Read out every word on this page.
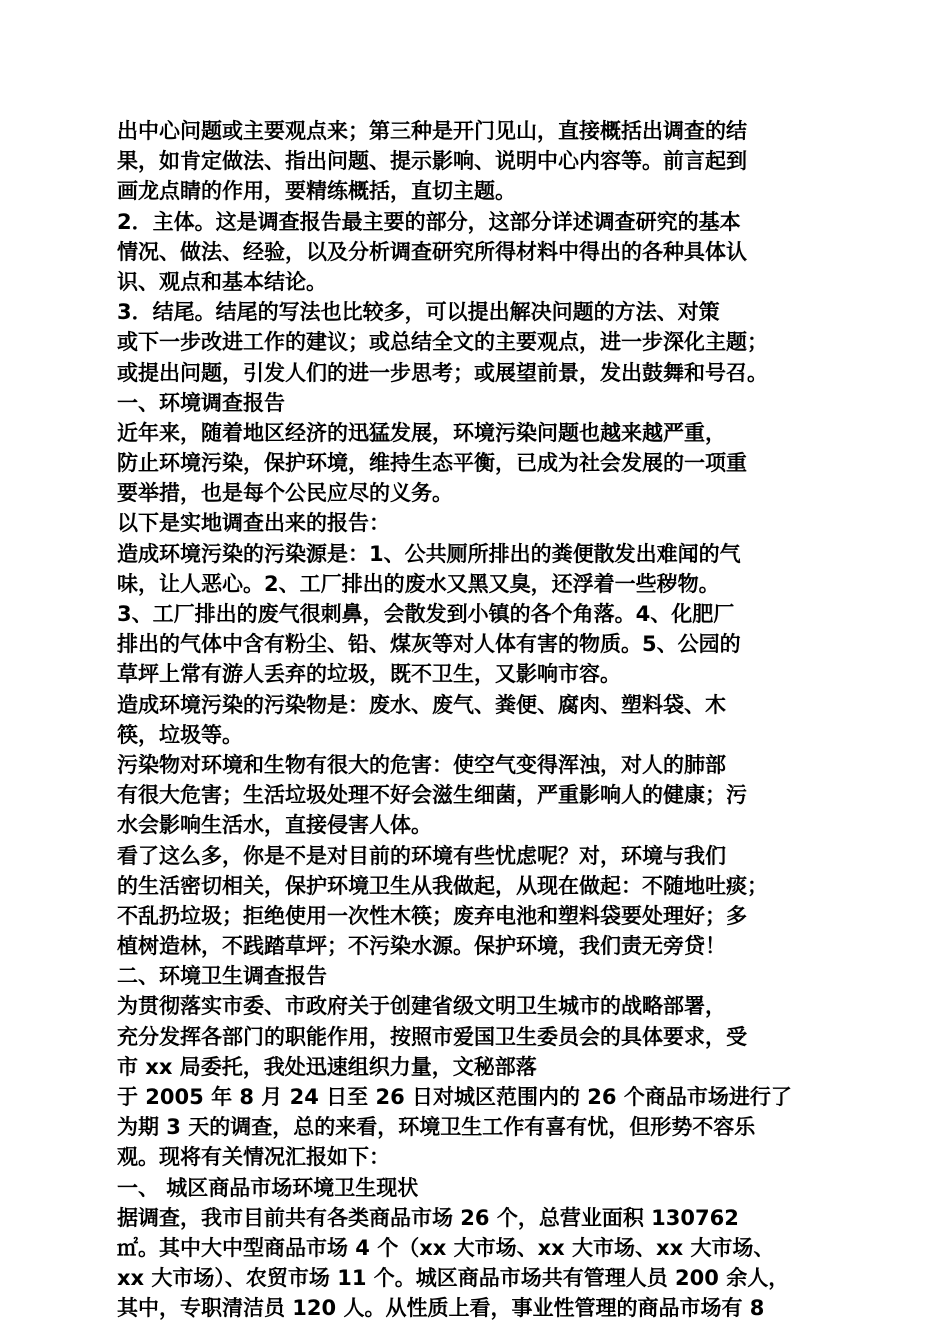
出中心问题或主要观点来；第三种是开门见山，直接概括出调查的结
果，如肯定做法、指出问题、提示影响、说明中心内容等。前言起到
画龙点睛的作用，要精练概括，直切主题。
2．主体。这是调查报告最主要的部分，这部分详述调查研究的基本
情况、做法、经验，以及分析调查研究所得材料中得出的各种具体认
识、观点和基本结论。
3．结尾。结尾的写法也比较多，可以提出解决问题的方法、对策
或下一步改进工作的建议；或总结全文的主要观点，进一步深化主题；
或提出问题，引发人们的进一步思考；或展望前景，发出鼓舞和号召。
一、环境调查报告
近年来，随着地区经济的迅猛发展，环境污染问题也越来越严重，
防止环境污染，保护环境，维持生态平衡，已成为社会发展的一项重
要举措，也是每个公民应尽的义务。
以下是实地调查出来的报告：
造成环境污染的污染源是：1、公共厕所排出的粪便散发出难闻的气
味，让人恶心。2、工厂排出的废水又黑又臭，还浮着一些秽物。
3、工厂排出的废气很刺鼻，会散发到小镇的各个角落。4、化肥厂
排出的气体中含有粉尘、铅、煤灰等对人体有害的物质。5、公园的
草坪上常有游人丢弃的垃圾，既不卫生，又影响市容。
造成环境污染的污染物是：废水、废气、粪便、腐肉、塑料袋、木
筷，垃圾等。
污染物对环境和生物有很大的危害：使空气变得浑浊，对人的肺部
有很大危害；生活垃圾处理不好会滋生细菌，严重影响人的健康；污
水会影响生活水，直接侵害人体。
看了这么多，你是不是对目前的环境有些忧虑呢？对，环境与我们
的生活密切相关，保护环境卫生从我做起，从现在做起：不随地吐痰；
不乱扔垃圾；拒绝使用一次性木筷；废弃电池和塑料袋要处理好；多
植树造林，不践踏草坪；不污染水源。保护环境，我们责无旁贷！
二、环境卫生调查报告
为贯彻落实市委、市政府关于创建省级文明卫生城市的战略部署，
充分发挥各部门的职能作用，按照市爱国卫生委员会的具体要求，受
市 xx 局委托，我处迅速组织力量，文秘部落
于 2005 年 8 月 24 日至 26 日对城区范围内的 26 个商品市场进行了
为期 3 天的调查，总的来看，环境卫生工作有喜有忧，但形势不容乐
观。现将有关情况汇报如下：
一、 城区商品市场环境卫生现状
据调查，我市目前共有各类商品市场 26 个，总营业面积 130762
㎡。其中大中型商品市场 4 个（xx 大市场、xx 大市场、xx 大市场、
xx 大市场）、农贸市场 11 个。城区商品市场共有管理人员 200 余人，
其中，专职清洁员 120 人。从性质上看，事业性管理的商品市场有 8
